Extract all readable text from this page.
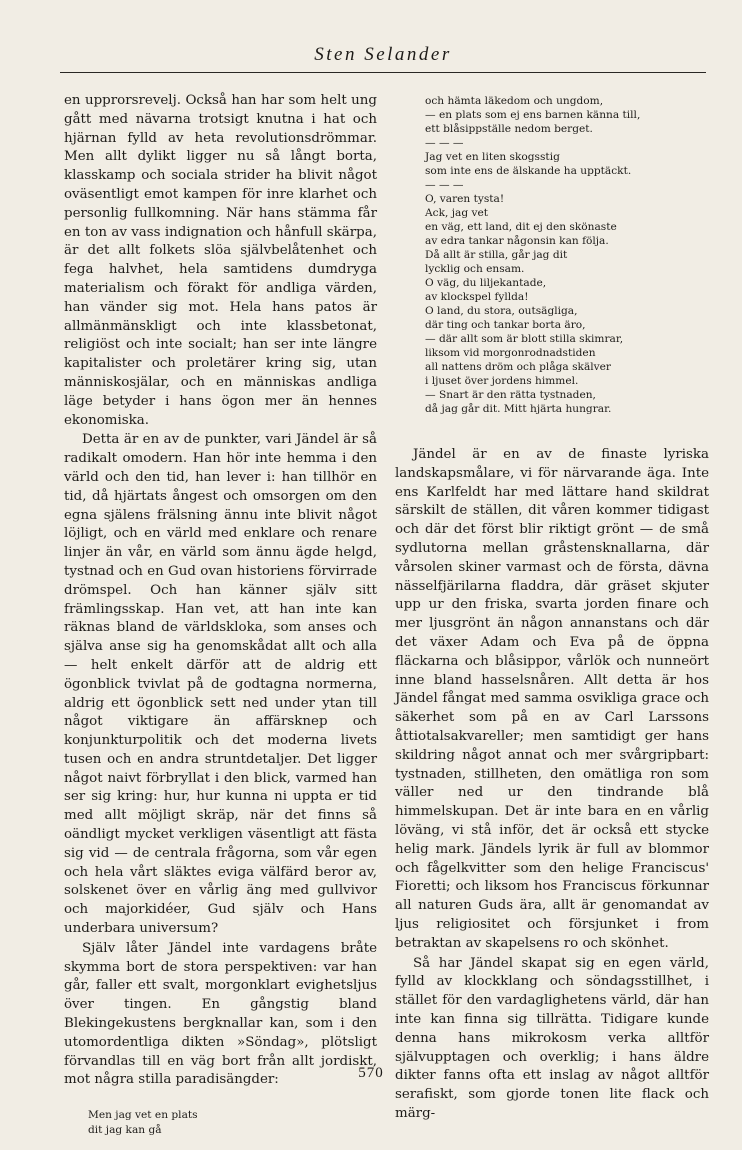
Sten Selander

en upprorsrevelj. Också han har som helt ung gått med nävarna trotsigt knutna i hat och hjärnan fylld av heta revolutionsdrömmar. Men allt dylikt ligger nu så långt borta, klasskamp och sociala strider ha blivit något oväsentligt emot kampen för inre klarhet och personlig fullkomning. När hans stämma får en ton av vass indignation och hånfull skärpa, är det allt folkets slöa självbelåtenhet och fega halvhet, hela samtidens dumdryga materialism och förakt för andliga värden, han vänder sig mot. Hela hans patos är allmänmänskligt och inte klassbetonat, religiöst och inte socialt; han ser inte längre kapitalister och proletärer kring sig, utan människosjälar, och en människas andliga läge betyder i hans ögon mer än hennes ekonomiska.

Detta är en av de punkter, vari Jändel är så radikalt omodern. Han hör inte hemma i den värld och den tid, han lever i: han tillhör en tid, då hjärtats ångest och omsorgen om den egna själens frälsning ännu inte blivit något löjligt, och en värld med enklare och renare linjer än vår, en värld som ännu ägde helgd, tystnad och en Gud ovan historiens förvirrade drömspel. Och han känner själv sitt främlingsskap. Han vet, att han inte kan räknas bland de världskloka, som anses och själva anse sig ha genomskådat allt och alla — helt enkelt därför att de aldrig ett ögonblick tvivlat på de godtagna normerna, aldrig ett ögonblick sett ned under ytan till något viktigare än affärsknep och konjunkturpolitik och det moderna livets tusen och en andra struntdetaljer. Det ligger något naivt förbryllat i den blick, varmed han ser sig kring: hur, hur kunna ni uppta er tid med allt möjligt skräp, när det finns så oändligt mycket verkligen väsentligt att fästa sig vid — de centrala frågorna, som vår egen och hela vårt släktes eviga välfärd beror av, solskenet över en vårlig äng med gullvivor och majorkidéer, Gud själv och Hans underbara universum?

Själv låter Jändel inte vardagens bråte skymma bort de stora perspektiven: var han går, faller ett svalt, morgonklart evighetsljus över tingen. En gångstig bland Blekingekustens bergknallar kan, som i den utomordentliga dikten »Söndag», plötsligt förvandlas till en väg bort från allt jordiskt, mot några stilla paradisängder:

Men jag vet en plats
dit jag kan gå
och hämta läkedom och ungdom,
— en plats som ej ens barnen känna till,
ett blåsippställe nedom berget.
— — —
Jag vet en liten skogsstig
som inte ens de älskande ha upptäckt.
— — —
O, varen tysta!
Ack, jag vet
en väg, ett land, dit ej den skönaste
av edra tankar någonsin kan följa.
Då allt är stilla, går jag dit
lycklig och ensam.
O väg, du liljekantade,
av klockspel fyllda!
O land, du stora, outsägliga,
där ting och tankar borta äro,
— där allt som är blott stilla skimrar,
liksom vid morgonrodnadstiden
all nattens dröm och plåga skälver
i ljuset över jordens himmel.
— Snart är den rätta tystnaden,
då jag går dit. Mitt hjärta hungrar.

Jändel är en av de finaste lyriska landskapsmålare, vi för närvarande äga. Inte ens Karlfeldt har med lättare hand skildrat särskilt de ställen, dit våren kommer tidigast och där det först blir riktigt grönt — de små sydlutorna mellan gråstensknallarna, där vårsolen skiner varmast och de första, dävna nässelfjärilarna fladdra, där gräset skjuter upp ur den friska, svarta jorden finare och mer ljusgrönt än någon annanstans och där det växer Adam och Eva på de öppna fläckarna och blåsippor, vårlök och nunneört inne bland hasselsnåren. Allt detta är hos Jändel fångat med samma osvikliga grace och säkerhet som på en av Carl Larssons åttiotalsakvareller; men samtidigt ger hans skildring något annat och mer svårgripbart: tystnaden, stillheten, den omätliga ron som väller ned ur den tindrande blå himmelskupan. Det är inte bara en en vårlig löväng, vi stå inför, det är också ett stycke helig mark. Jändels lyrik är full av blommor och fågelkvitter som den helige Franciscus' Fioretti; och liksom hos Franciscus förkunnar all naturen Guds ära, allt är genomandat av ljus religiositet och försjunket i from betraktan av skapelsens ro och skönhet.

Så har Jändel skapat sig en egen värld, fylld av klockklang och söndagsstillhet, i stället för den vardaglighetens värld, där han inte kan finna sig tillrätta. Tidigare kunde denna hans mikrokosm verka alltför självupptagen och overklig; i hans äldre dikter fanns ofta ett inslag av något alltför serafiskt, som gjorde tonen lite flack och märg-

570
